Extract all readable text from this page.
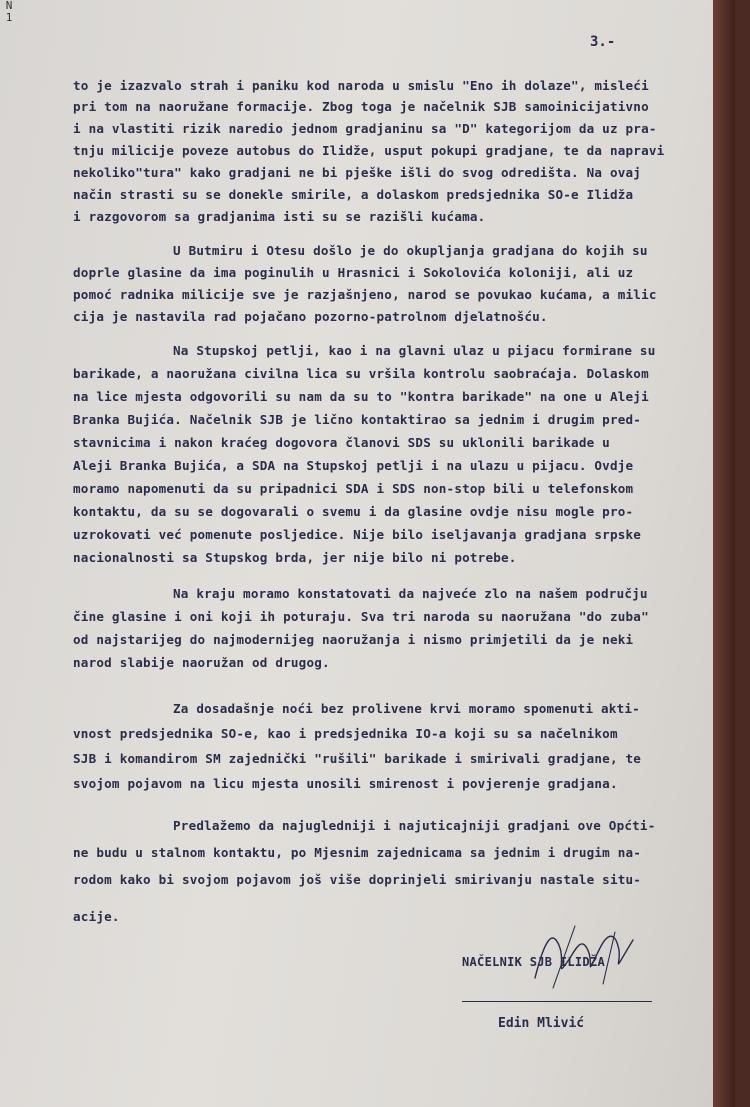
N
1
3.-
to je izazvalo strah i paniku kod naroda u smislu "Eno ih dolaze", misleći
pri tom na naoružane formacije. Zbog toga je načelnik SJB samoinicijativno
i na vlastiti rizik naredio jednom gradjaninu sa "D" kategorijom da uz pra-
tnju milicije poveze autobus do Ilidže, usput pokupi gradjane, te da napravi
nekoliko"tura" kako gradjani ne bi pješke išli do svog odredišta. Na ovaj
način strasti su se donekle smirile, a dolaskom predsjednika SO-e Ilidža
i razgovorom sa gradjanima isti su se razišli kućama.
U Butmiru i Otesu došlo je do okupljanja gradjana do kojih su
doprle glasine da ima poginulih u Hrasnici i Sokolovića koloniji, ali uz
pomoć radnika milicije sve je razjašnjeno, narod se povukao kućama, a milic
cija je nastavila rad pojačano pozorno-patrolnom djelatnošću.
Na Stupskoj petlji, kao i na glavni ulaz u pijacu formirane su
barikade, a naoružana civilna lica su vršila kontrolu saobraćaja. Dolaskom
na lice mjesta odgovorili su nam da su to "kontra barikade" na one u Aleji
Branka Bujića. Načelnik SJB je lično kontaktirao sa jednim i drugim pred-
stavnicima i nakon kraćeg dogovora članovi SDS su uklonili barikade u
Aleji Branka Bujića, a SDA na Stupskoj petlji i na ulazu u pijacu. Ovdje
moramo napomenuti da su pripadnici SDA i SDS non-stop bili u telefonskom
kontaktu, da su se dogovarali o svemu i da glasine ovdje nisu mogle pro-
uzrokovati već pomenute posljedice. Nije bilo iseljavanja gradjana srpske
nacionalnosti sa Stupskog brda, jer nije bilo ni potrebe.
Na kraju moramo konstatovati da najveće zlo na našem području
čine glasine i oni koji ih poturaju. Sva tri naroda su naoružana "do zuba"
od najstarijeg do najmodernijeg naoružanja i nismo primjetili da je neki
narod slabije naoružan od drugog.
Za dosadašnje noći bez prolivene krvi moramo spomenuti akti-
vnost predsjednika SO-e, kao i predsjednika IO-a koji su sa načelnikom
SJB i komandirom SM zajednički "rušili" barikade i smirivali gradjane, te
svojom pojavom na licu mjesta unosili smirenost i povjerenje gradjana.
Predlažemo da najugledniji i najuticajniji gradjani ove Općti-
ne budu u stalnom kontaktu, po Mjesnim zajednicama sa jednim i drugim na-
rodom kako bi svojom pojavom još više doprinjeli smirivanju nastale situ-
acije.
NAČELNIK SJB ILIDŽA
Edin Mlivić
